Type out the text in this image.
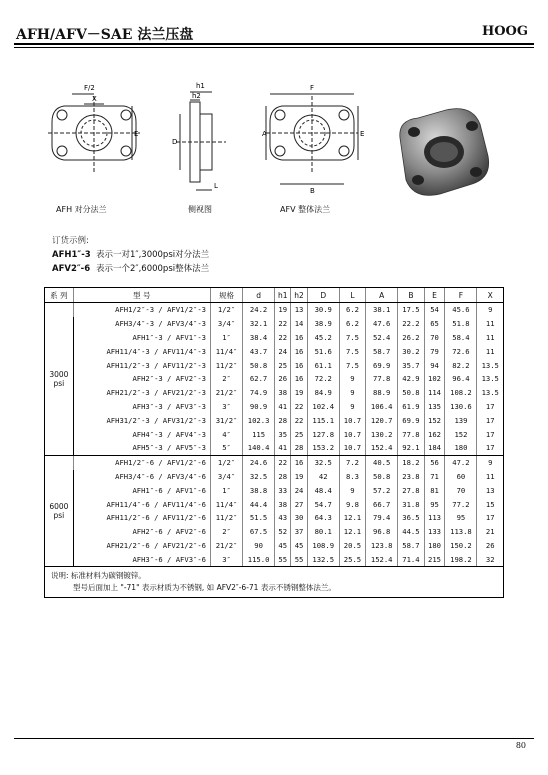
AFH/AFV－SAE 法兰压盘	HOOG
F/2
X
E
AFH 对分法兰
h1
h2
D
L
侧视图
F
A	E
B
AFV 整体法兰
订货示例:
AFH1″-3 表示一对1″,3000psi对分法兰
AFV2″-6 表示一个2″,6000psi整体法兰
系 列	型 号	规格	d	h1	h2	D	L	A	B	E	F	X
3000
psi	AFH1/2″-3 / AFV1/2″-3	1/2″	24.2	19	13	30.9	6.2	38.1	17.5	54	45.6	9
	AFH3/4″-3 / AFV3/4″-3	3/4″	32.1	22	14	38.9	6.2	47.6	22.2	65	51.8	11
	AFH1″-3 / AFV1″-3	1″	38.4	22	16	45.2	7.5	52.4	26.2	70	58.4	11
	AFH11/4″-3 / AFV11/4″-3	11/4″	43.7	24	16	51.6	7.5	58.7	30.2	79	72.6	11
	AFH11/2″-3 / AFV11/2″-3	11/2″	50.8	25	16	61.1	7.5	69.9	35.7	94	82.2	13.5
	AFH2″-3 / AFV2″-3	2″	62.7	26	16	72.2	9	77.8	42.9	102	96.4	13.5
	AFH21/2″-3 / AFV21/2″-3	21/2″	74.9	38	19	84.9	9	88.9	50.8	114	108.2	13.5
	AFH3″-3 / AFV3″-3	3″	90.9	41	22	102.4	9	106.4	61.9	135	130.6	17
	AFH31/2″-3 / AFV31/2″-3	31/2″	102.3	28	22	115.1	10.7	120.7	69.9	152	139	17
	AFH4″-3 / AFV4″-3	4″	115	35	25	127.8	10.7	130.2	77.8	162	152	17
	AFH5″-3 / AFV5″-3	5″	140.4	41	28	153.2	10.7	152.4	92.1	184	180	17
6000
psi	AFH1/2″-6 / AFV1/2″-6	1/2″	24.6	22	16	32.5	7.2	40.5	18.2	56	47.2	9
	AFH3/4″-6 / AFV3/4″-6	3/4″	32.5	28	19	42	8.3	50.8	23.8	71	60	11
	AFH1″-6 / AFV1″-6	1″	38.8	33	24	48.4	9	57.2	27.8	81	70	13
	AFH11/4″-6 / AFV11/4″-6	11/4″	44.4	38	27	54.7	9.8	66.7	31.8	95	77.2	15
	AFH11/2″-6 / AFV11/2″-6	11/2″	51.5	43	30	64.3	12.1	79.4	36.5	113	95	17
	AFH2″-6 / AFV2″-6	2″	67.5	52	37	80.1	12.1	96.8	44.5	133	113.8	21
	AFH21/2″-6 / AFV21/2″-6	21/2″	90	45	45	108.9	20.5	123.8	58.7	180	150.2	26
	AFH3″-6 / AFV3″-6	3″	115.0	55	55	132.5	25.5	152.4	71.4	215	198.2	32

说明: 标准材料为碳钢镀锌。
型号后面加上 "-71" 表示材质为不锈钢, 如 AFV2″-6-71 表示不锈钢整体法兰。												
80
